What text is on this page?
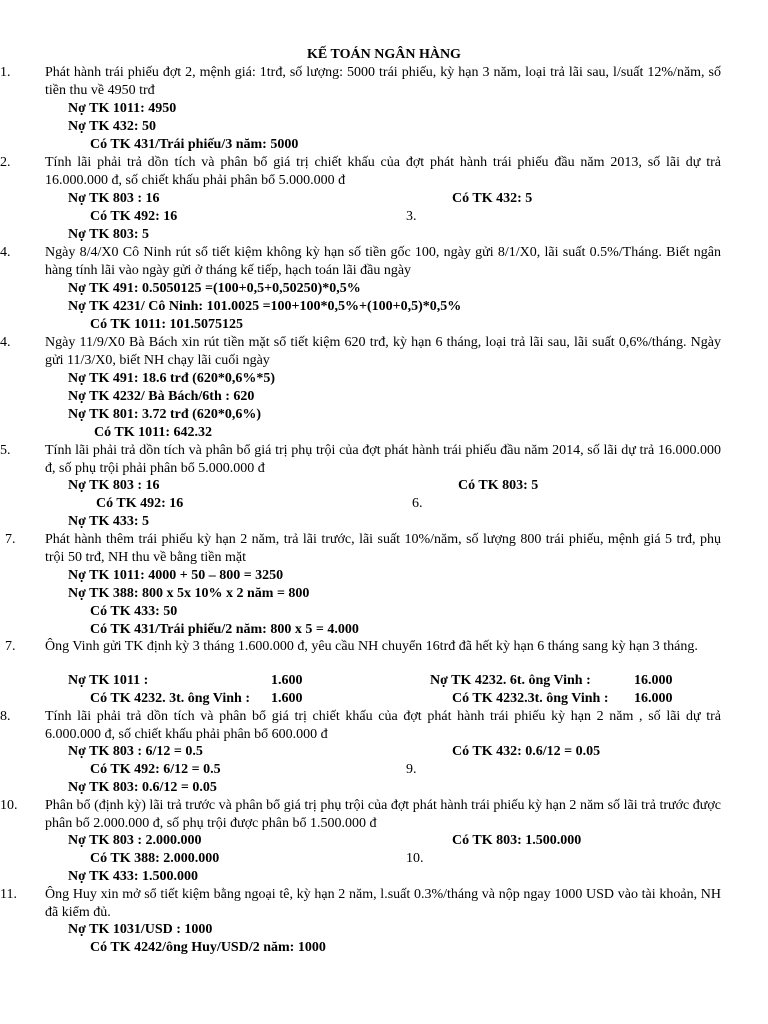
KẾ TOÁN NGÂN HÀNG
1. Phát hành trái phiếu đợt 2, mệnh giá: 1trđ, số lượng: 5000 trái phiếu, kỳ hạn 3 năm, loại trả lãi sau, l/suất 12%/năm, số tiền thu về 4950 trđ
Nợ TK 1011: 4950
Nợ TK 432: 50
Có TK 431/Trái phiếu/3 năm: 5000
2. Tính lãi phải trả dồn tích và phân bổ giá trị chiết khấu của đợt phát hành trái phiếu đầu năm 2013, số lãi dự trả 16.000.000 đ, số chiết khấu phải phân bổ 5.000.000 đ
Nợ TK 803 : 16	Có TK 432: 5
Có TK 492: 16	3.
Nợ TK 803: 5
4. Ngày 8/4/X0 Cô Ninh rút sổ tiết kiệm không kỳ hạn số tiền gốc 100, ngày gửi 8/1/X0, lãi suất 0.5%/Tháng. Biết ngân hàng tính lãi vào ngày gửi ở tháng kế tiếp, hạch toán lãi đầu ngày
Nợ TK 491: 0.5050125 =(100+0,5+0,50250)*0,5%
Nợ TK 4231/ Cô Ninh: 101.0025 =100+100*0,5%+(100+0,5)*0,5%
Có TK 1011: 101.5075125
4. Ngày 11/9/X0 Bà Bách xin rút tiền mặt sổ tiết kiệm 620 trđ, kỳ hạn 6 tháng, loại trả lãi sau, lãi suất 0,6%/tháng. Ngày gửi 11/3/X0, biết NH chạy lãi cuối ngày
Nợ TK 491: 18.6 trđ (620*0,6%*5)
Nợ TK 4232/ Bà Bách/6th : 620
Nợ TK 801: 3.72 trđ (620*0,6%)
Có TK 1011: 642.32
5. Tính lãi phải trả dồn tích và phân bổ giá trị phụ trội của đợt phát hành trái phiếu đầu năm 2014, số lãi dự trả 16.000.000 đ, số phụ trội phải phân bổ 5.000.000 đ
Nợ TK 803 : 16	Có TK 803: 5
Có TK 492: 16	6.
Nợ TK 433: 5
7. Phát hành thêm trái phiếu kỳ hạn 2 năm, trả lãi trước, lãi suất 10%/năm, số lượng 800 trái phiếu, mệnh giá 5 trđ, phụ trội 50 trđ, NH thu về bằng tiền mặt
Nợ TK 1011: 4000 + 50 – 800 = 3250
Nợ TK 388: 800 x 5x 10% x 2 năm = 800
Có TK 433: 50
Có TK 431/Trái phiếu/2 năm: 800 x 5 = 4.000
7. Ông Vinh gửi TK định kỳ 3 tháng 1.600.000 đ, yêu cầu NH chuyển 16trđ đã hết kỳ hạn 6 tháng sang kỳ hạn 3 tháng.
Nợ TK 1011 :	1.600	Nợ TK 4232. 6t. ông Vinh :	16.000
Có TK 4232. 3t. ông Vinh : 1.600	Có TK 4232.3t. ông Vinh : 16.000
8. Tính lãi phải trả dồn tích và phân bổ giá trị chiết khấu của đợt phát hành trái phiếu kỳ hạn 2 năm , số lãi dự trả 6.000.000 đ, số chiết khấu phải phân bổ 600.000 đ
Nợ TK 803 : 6/12 = 0.5	Có TK 432: 0.6/12 = 0.05
Có TK 492: 6/12 = 0.5	9.
Nợ TK 803: 0.6/12 = 0.05
10. Phân bổ (định kỳ) lãi trả trước và phân bổ giá trị phụ trội của đợt phát hành trái phiếu kỳ hạn 2 năm số lãi trả trước được phân bổ 2.000.000 đ, số phụ trội được phân bổ 1.500.000 đ
Nợ TK 803 : 2.000.000	Có TK 803: 1.500.000
Có TK 388: 2.000.000	10.
Nợ TK 433: 1.500.000
11. Ông Huy xin mở sổ tiết kiệm bằng ngoại tê, kỳ hạn 2 năm, l.suất 0.3%/tháng và nộp ngay 1000 USD vào tài khoản, NH đã kiểm đủ.
Nợ TK 1031/USD : 1000
Có TK 4242/ông Huy/USD/2 năm: 1000
